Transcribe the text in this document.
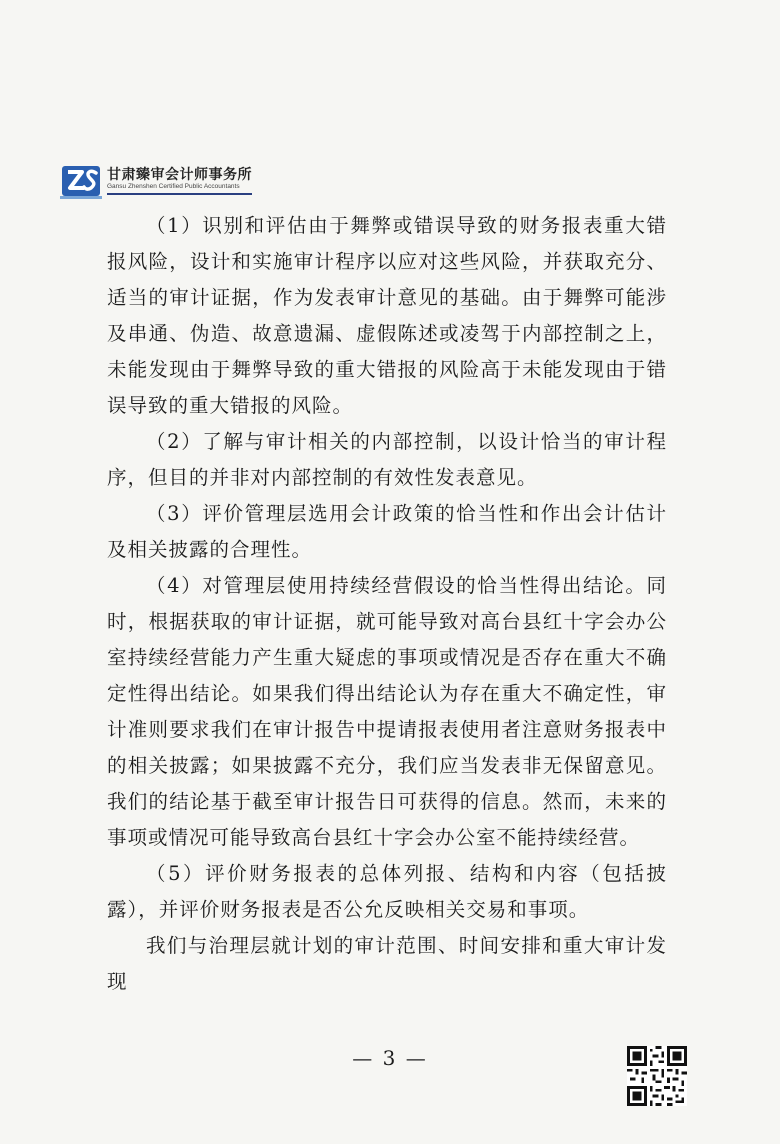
甘肃臻审会计师事务所
Gansu Zhenshen Certified Public Accountants

（1）识别和评估由于舞弊或错误导致的财务报表重大错报风险，设计和实施审计程序以应对这些风险，并获取充分、适当的审计证据，作为发表审计意见的基础。由于舞弊可能涉及串通、伪造、故意遗漏、虚假陈述或凌驾于内部控制之上，未能发现由于舞弊导致的重大错报的风险高于未能发现由于错误导致的重大错报的风险。

（2）了解与审计相关的内部控制，以设计恰当的审计程序，但目的并非对内部控制的有效性发表意见。

（3）评价管理层选用会计政策的恰当性和作出会计估计及相关披露的合理性。

（4）对管理层使用持续经营假设的恰当性得出结论。同时，根据获取的审计证据，就可能导致对高台县红十字会办公室持续经营能力产生重大疑虑的事项或情况是否存在重大不确定性得出结论。如果我们得出结论认为存在重大不确定性，审计准则要求我们在审计报告中提请报表使用者注意财务报表中的相关披露；如果披露不充分，我们应当发表非无保留意见。我们的结论基于截至审计报告日可获得的信息。然而，未来的事项或情况可能导致高台县红十字会办公室不能持续经营。

（5）评价财务报表的总体列报、结构和内容（包括披露），并评价财务报表是否公允反映相关交易和事项。

我们与治理层就计划的审计范围、时间安排和重大审计发现

— 3 —
